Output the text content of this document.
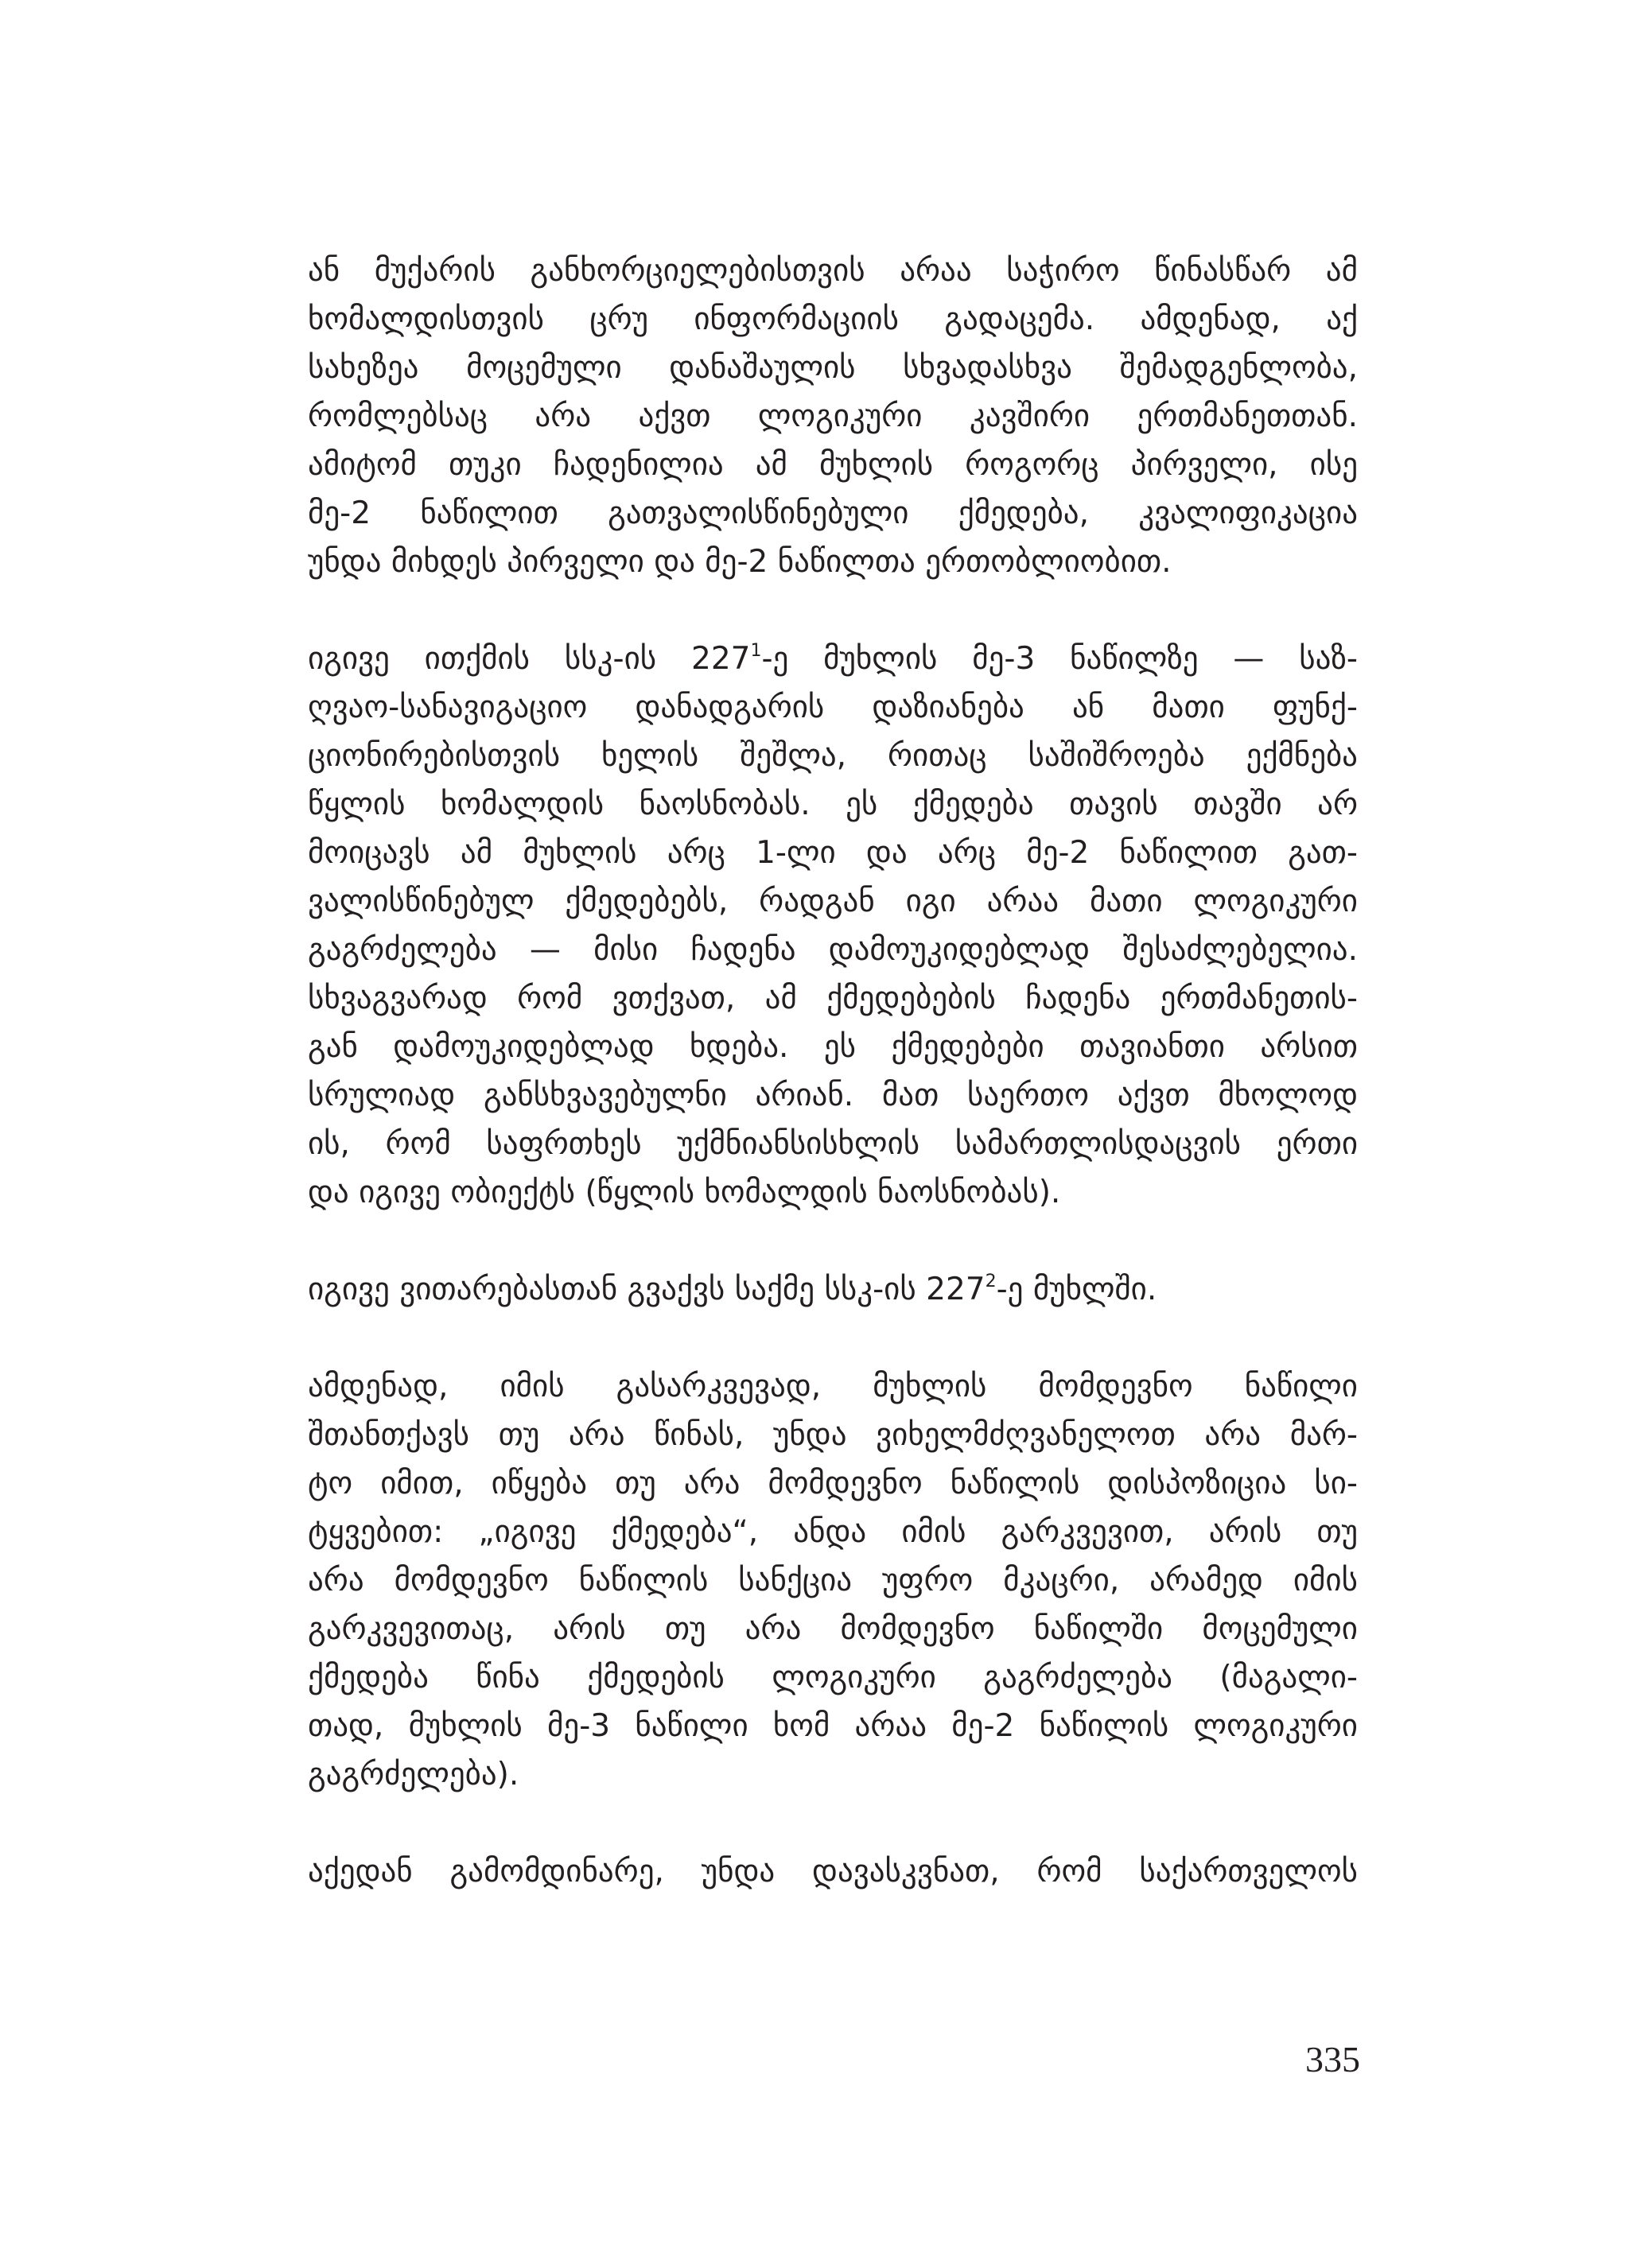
ან მუქარის განხორციელებისთვის არაა საჭირო წინასწარ ამ
ხომალდისთვის ცრუ ინფორმაციის გადაცემა. ამდენად, აქ
სახეზეა მოცემული დანაშაულის სხვადასხვა შემადგენლობა,
რომლებსაც არა აქვთ ლოგიკური კავშირი ერთმანეთთან.
ამიტომ თუკი ჩადენილია ამ მუხლის როგორც პირველი, ისე
მე-2 ნაწილით გათვალისწინებული ქმედება, კვალიფიკაცია
უნდა მიხდეს პირველი და მე-2 ნაწილთა ერთობლიობით.
იგივე ითქმის სსკ-ის $227^1-ე$ მუხლის მე-3 ნაწილზე — საზ-
ღვაო-სანავიგაციო დანადგარის დაზიანება ან მათი ფუნქ-
ციონირებისთვის ხელის შეშლა, რითაც საშიშროება ექმნება
წყლის ხომალდის ნაოსნობას. ეს ქმედება თავის თავში არ
მოიცავს ამ მუხლის არც 1-ლი და არც მე-2 ნაწილით გათ-
ვალისწინებულ ქმედებებს, რადგან იგი არაა მათი ლოგიკური
გაგრძელება — მისი ჩადენა დამოუკიდებლად შესაძლებელია.
სხვაგვარად რომ ვთქვათ, ამ ქმედებების ჩადენა ერთმანეთის-
გან დამოუკიდებლად ხდება. ეს ქმედებები თავიანთი არსით
სრულიად განსხვავებულნი არიან. მათ საერთო აქვთ მხოლოდ
ის, რომ საფრთხეს უქმნიანსისხლის სამართლისდაცვის ერთი
და იგივე ობიექტს (წყლის ხომალდის ნაოსნობას).
იგივე ვითარებასთან გვაქვს საქმე სსკ-ის $227^2-ე$ მუხლში.
ამდენად, იმის გასარკვევად, მუხლის მომდევნო ნაწილი
შთანთქავს თუ არა წინას, უნდა ვიხელმძღვანელოთ არა მარ-
ტო იმით, იწყება თუ არა მომდევნო ნაწილის დისპოზიცია სი-
ტყვებით: „იგივე ქმედება“, ანდა იმის გარკვევით, არის თუ
არა მომდევნო ნაწილის სანქცია უფრო მკაცრი, არამედ იმის
გარკვევითაც, არის თუ არა მომდევნო ნაწილში მოცემული
ქმედება წინა ქმედების ლოგიკური გაგრძელება (მაგალი-
თად, მუხლის მე-3 ნაწილი ხომ არაა მე-2 ნაწილის ლოგიკური
გაგრძელება).
აქედან გამომდინარე, უნდა დავასკვნათ, რომ საქართველოს
335
